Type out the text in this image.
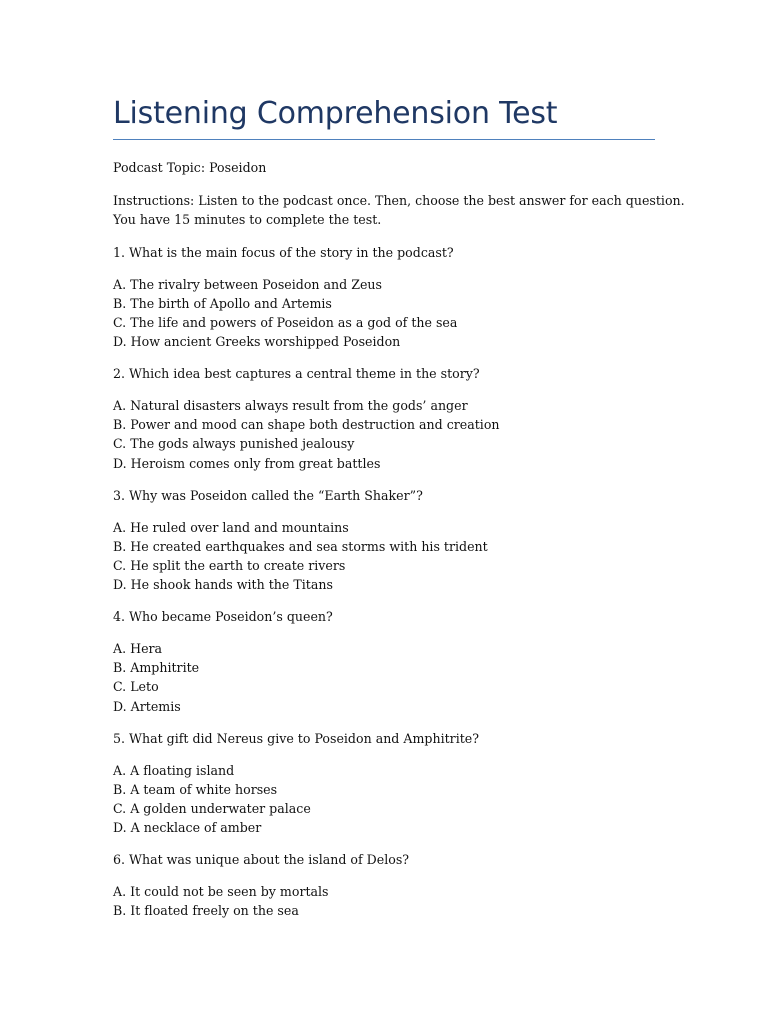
Listening Comprehension Test
Podcast Topic: Poseidon
Instructions: Listen to the podcast once. Then, choose the best answer for each question.
You have 15 minutes to complete the test.
1. What is the main focus of the story in the podcast?
A. The rivalry between Poseidon and Zeus
B. The birth of Apollo and Artemis
C. The life and powers of Poseidon as a god of the sea
D. How ancient Greeks worshipped Poseidon
2. Which idea best captures a central theme in the story?
A. Natural disasters always result from the gods’ anger
B. Power and mood can shape both destruction and creation
C. The gods always punished jealousy
D. Heroism comes only from great battles
3. Why was Poseidon called the “Earth Shaker”?
A. He ruled over land and mountains
B. He created earthquakes and sea storms with his trident
C. He split the earth to create rivers
D. He shook hands with the Titans
4. Who became Poseidon’s queen?
A. Hera
B. Amphitrite
C. Leto
D. Artemis
5. What gift did Nereus give to Poseidon and Amphitrite?
A. A floating island
B. A team of white horses
C. A golden underwater palace
D. A necklace of amber
6. What was unique about the island of Delos?
A. It could not be seen by mortals
B. It floated freely on the sea
